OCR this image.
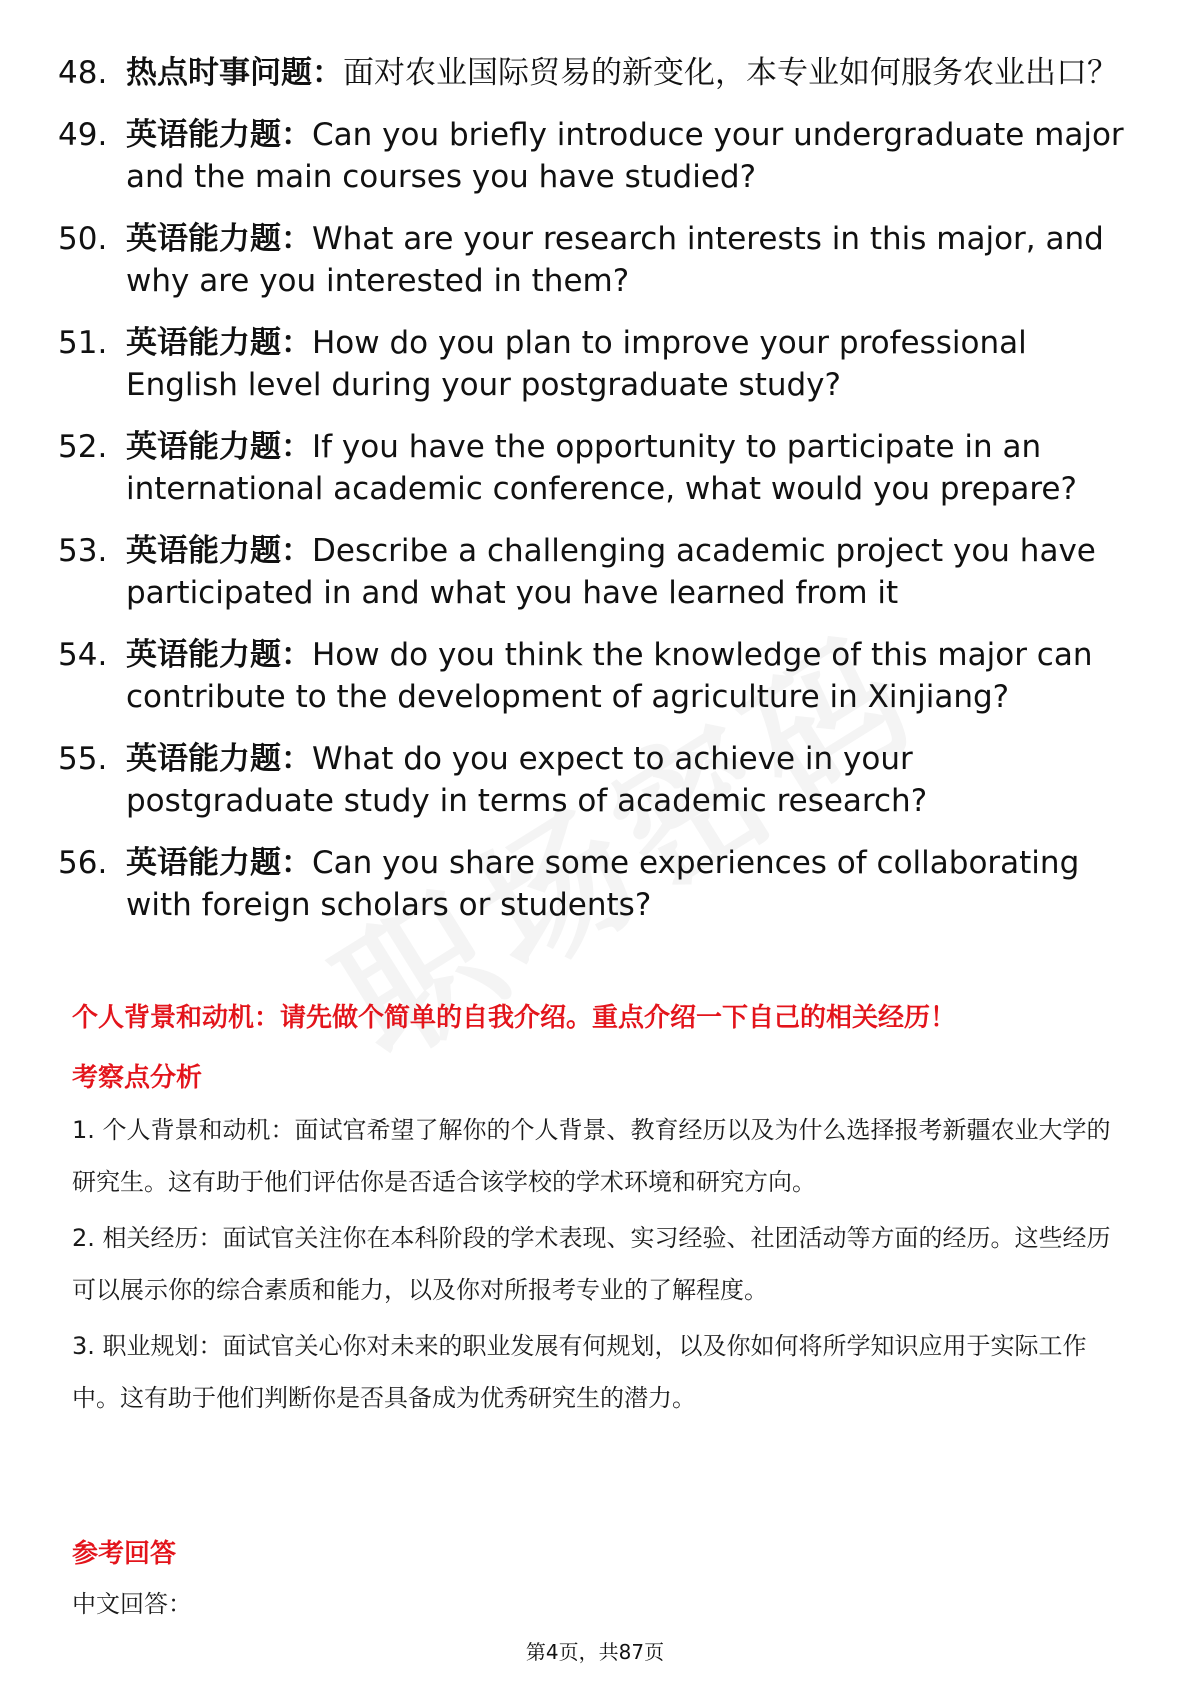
48. 热点时事问题：面对农业国际贸易的新变化，本专业如何服务农业出口？
49. 英语能力题：Can you briefly introduce your undergraduate major and the main courses you have studied?
50. 英语能力题：What are your research interests in this major, and why are you interested in them?
51. 英语能力题：How do you plan to improve your professional English level during your postgraduate study?
52. 英语能力题：If you have the opportunity to participate in an international academic conference, what would you prepare?
53. 英语能力题：Describe a challenging academic project you have participated in and what you have learned from it
54. 英语能力题：How do you think the knowledge of this major can contribute to the development of agriculture in Xinjiang?
55. 英语能力题：What do you expect to achieve in your postgraduate study in terms of academic research?
56. 英语能力题：Can you share some experiences of collaborating with foreign scholars or students?
个人背景和动机：请先做个简单的自我介绍。重点介绍一下自己的相关经历！
考察点分析
1. 个人背景和动机：面试官希望了解你的个人背景、教育经历以及为什么选择报考新疆农业大学的研究生。这有助于他们评估你是否适合该学校的学术环境和研究方向。
2. 相关经历：面试官关注你在本科阶段的学术表现、实习经验、社团活动等方面的经历。这些经历可以展示你的综合素质和能力，以及你对所报考专业的了解程度。
3. 职业规划：面试官关心你对未来的职业发展有何规划，以及你如何将所学知识应用于实际工作中。这有助于他们判断你是否具备成为优秀研究生的潜力。
参考回答
中文回答：
第4页，共87页
